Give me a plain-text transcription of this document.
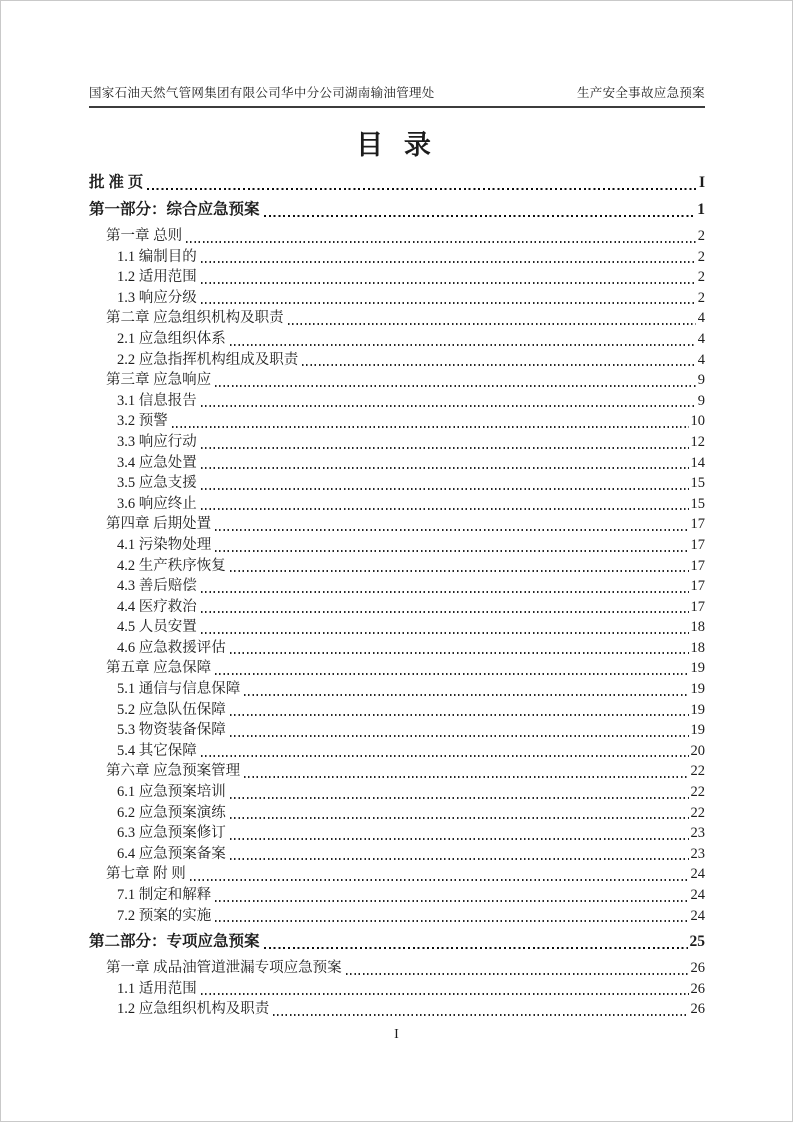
国家石油天然气管网集团有限公司华中分公司湖南输油管理处	生产安全事故应急预案
目 录
批 准 页	I
第一部分：综合应急预案	1
第一章 总则	2
1.1 编制目的	2
1.2 适用范围	2
1.3 响应分级	2
第二章 应急组织机构及职责	4
2.1 应急组织体系	4
2.2 应急指挥机构组成及职责	4
第三章 应急响应	9
3.1 信息报告	9
3.2 预警	10
3.3 响应行动	12
3.4 应急处置	14
3.5 应急支援	15
3.6 响应终止	15
第四章 后期处置	17
4.1 污染物处理	17
4.2 生产秩序恢复	17
4.3 善后赔偿	17
4.4 医疗救治	17
4.5 人员安置	18
4.6 应急救援评估	18
第五章 应急保障	19
5.1 通信与信息保障	19
5.2 应急队伍保障	19
5.3 物资装备保障	19
5.4 其它保障	20
第六章 应急预案管理	22
6.1 应急预案培训	22
6.2 应急预案演练	22
6.3 应急预案修订	23
6.4 应急预案备案	23
第七章 附 则	24
7.1 制定和解释	24
7.2 预案的实施	24
第二部分：专项应急预案	25
第一章 成品油管道泄漏专项应急预案	26
1.1 适用范围	26
1.2 应急组织机构及职责	26
I
